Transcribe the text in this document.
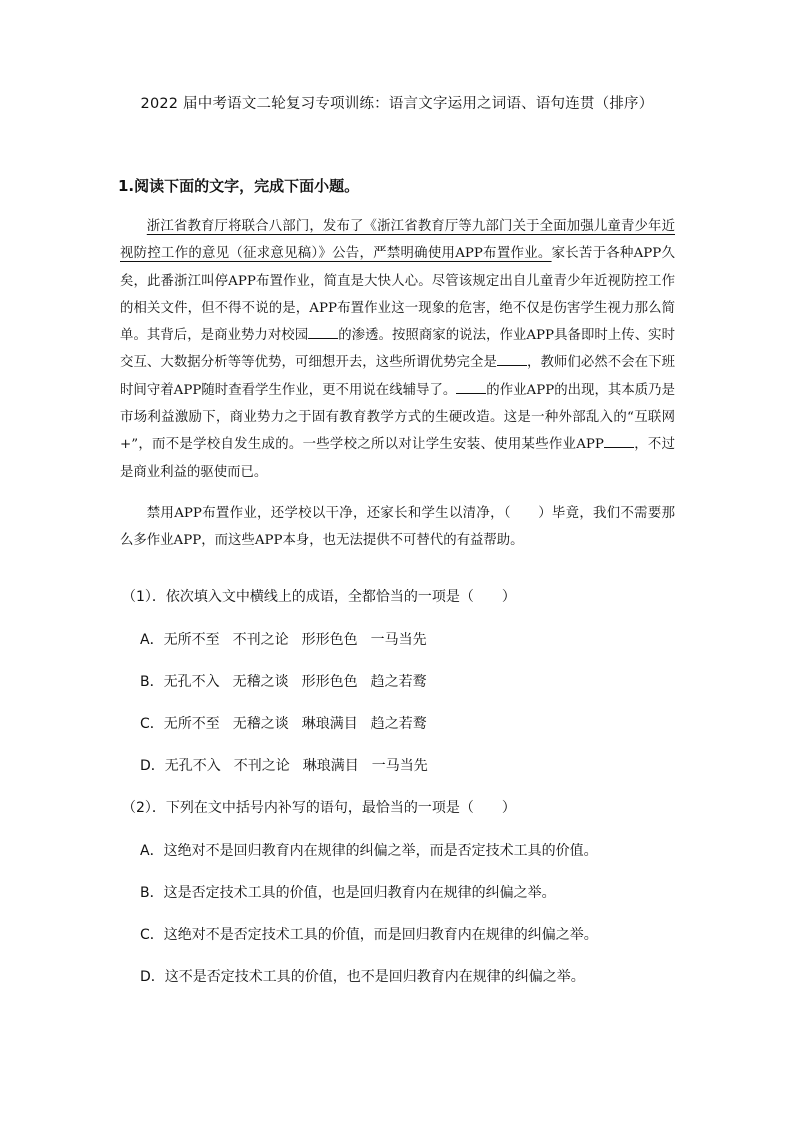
2022 届中考语文二轮复习专项训练：语言文字运用之词语、语句连贯（排序）
1.阅读下面的文字，完成下面小题。

浙江省教育厅将联合八部门，发布了《浙江省教育厅等九部门关于全面加强儿童青少年近视防控工作的意见（征求意见稿）》公告，严禁明确使用APP布置作业。家长苦于各种APP久矣，此番浙江叫停APP布置作业，简直是大快人心。尽管该规定出自儿童青少年近视防控工作的相关文件，但不得不说的是，APP布置作业这一现象的危害，绝不仅是伤害学生视力那么简单。其背后，是商业势力对校园 的渗透。按照商家的说法，作业APP具备即时上传、实时交互、大数据分析等等优势，可细想开去，这些所谓优势完全是 ，教师们必然不会在下班时间守着APP随时查看学生作业，更不用说在线辅导了。 的作业APP的出现，其本质乃是市场利益激励下，商业势力之于固有教育教学方式的生硬改造。这是一种外部乱入的“互联网+”，而不是学校自发生成的。一些学校之所以对让学生安装、使用某些作业APP ，不过是商业利益的驱使而已。

禁用APP布置作业，还学校以干净，还家长和学生以清净，（　　）毕竟，我们不需要那么多作业APP，而这些APP本身，也无法提供不可替代的有益帮助。

（1）．依次填入文中横线上的成语，全都恰当的一项是（　　）
A．无所不至 不刊之论 形形色色 一马当先
B．无孔不入 无稽之谈 形形色色 趋之若鹜
C．无所不至 无稽之谈 琳琅满目 趋之若鹜
D．无孔不入 不刊之论 琳琅满目 一马当先
（2）．下列在文中括号内补写的语句，最恰当的一项是（　　）
A．这绝对不是回归教育内在规律的纠偏之举，而是否定技术工具的价值。
B．这是否定技术工具的价值，也是回归教育内在规律的纠偏之举。
C．这绝对不是否定技术工具的价值，而是回归教育内在规律的纠偏之举。
D．这不是否定技术工具的价值，也不是回归教育内在规律的纠偏之举。
